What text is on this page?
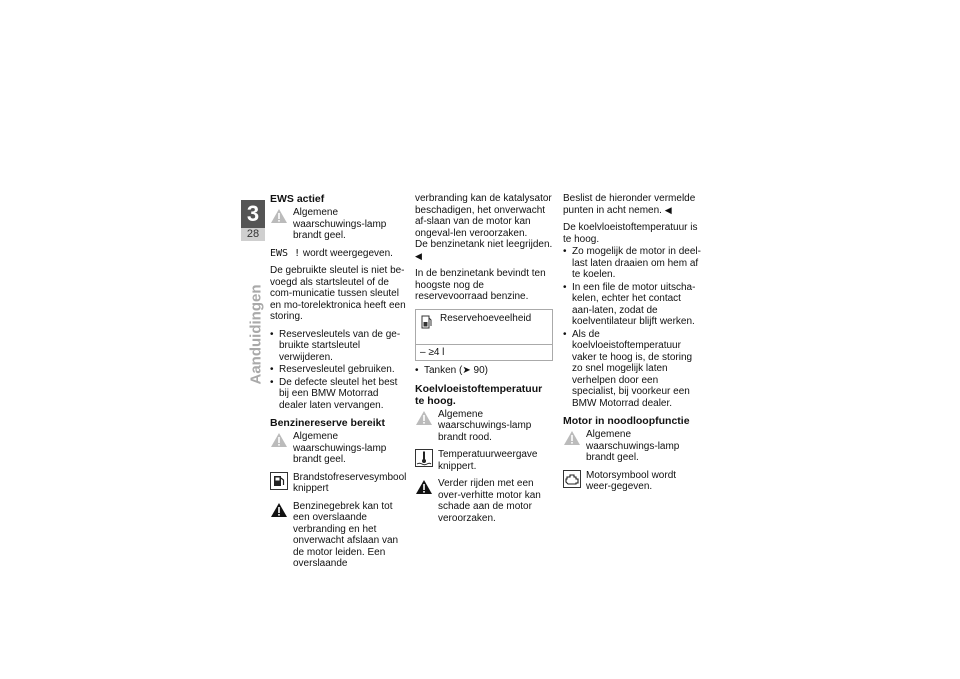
3
28
Aanduidingen
EWS actief
Algemene waarschuwings-lamp brandt geel.

EWS ! wordt weergegeven.

De gebruikte sleutel is niet be-voegd als startsleutel of de com-municatie tussen sleutel en mo-torelektronica heeft een storing.

• Reservesleutels van de ge-bruikte startsleutel verwijderen.
• Reservesleutel gebruiken.
• De defecte sleutel het best bij een BMW Motorrad dealer laten vervangen.
Benzinereserve bereikt
Algemene waarschuwings-lamp brandt geel.
Brandstofreservesymbool knippert
Benzinegebrek kan tot een overslaande verbranding en het onverwacht afslaan van de motor leiden. Een overslaande

verbranding kan de katalysator beschadigen, het onverwacht af-slaan van de motor kan ongeval-len veroorzaken.
De benzinetank niet leegrijden. ◀

In de benzinetank bevindt ten hoogste nog de reservevoorraad benzine.

Reservehoeveelheid
– ≥4 l
• Tanken (➤ 90)
Koelvloeistoftemperatuur te hoog.
Algemene waarschuwings-lamp brandt rood.
Temperatuurweergave knippert.
Verder rijden met een over-verhitte motor kan schade aan de motor veroorzaken.

Beslist de hieronder vermelde punten in acht nemen. ◀

De koelvloeistoftemperatuur is te hoog.

• Zo mogelijk de motor in deel-last laten draaien om hem af te koelen.
• In een file de motor uitscha-kelen, echter het contact aan-laten, zodat de koelventilateur blijft werken.
• Als de koelvloeistoftemperatuur vaker te hoog is, de storing zo snel mogelijk laten verhelpen door een specialist, bij voorkeur een BMW Motorrad dealer.
Motor in noodloopfunctie
Algemene waarschuwings-lamp brandt geel.
Motorsymbool wordt weer-gegeven.
